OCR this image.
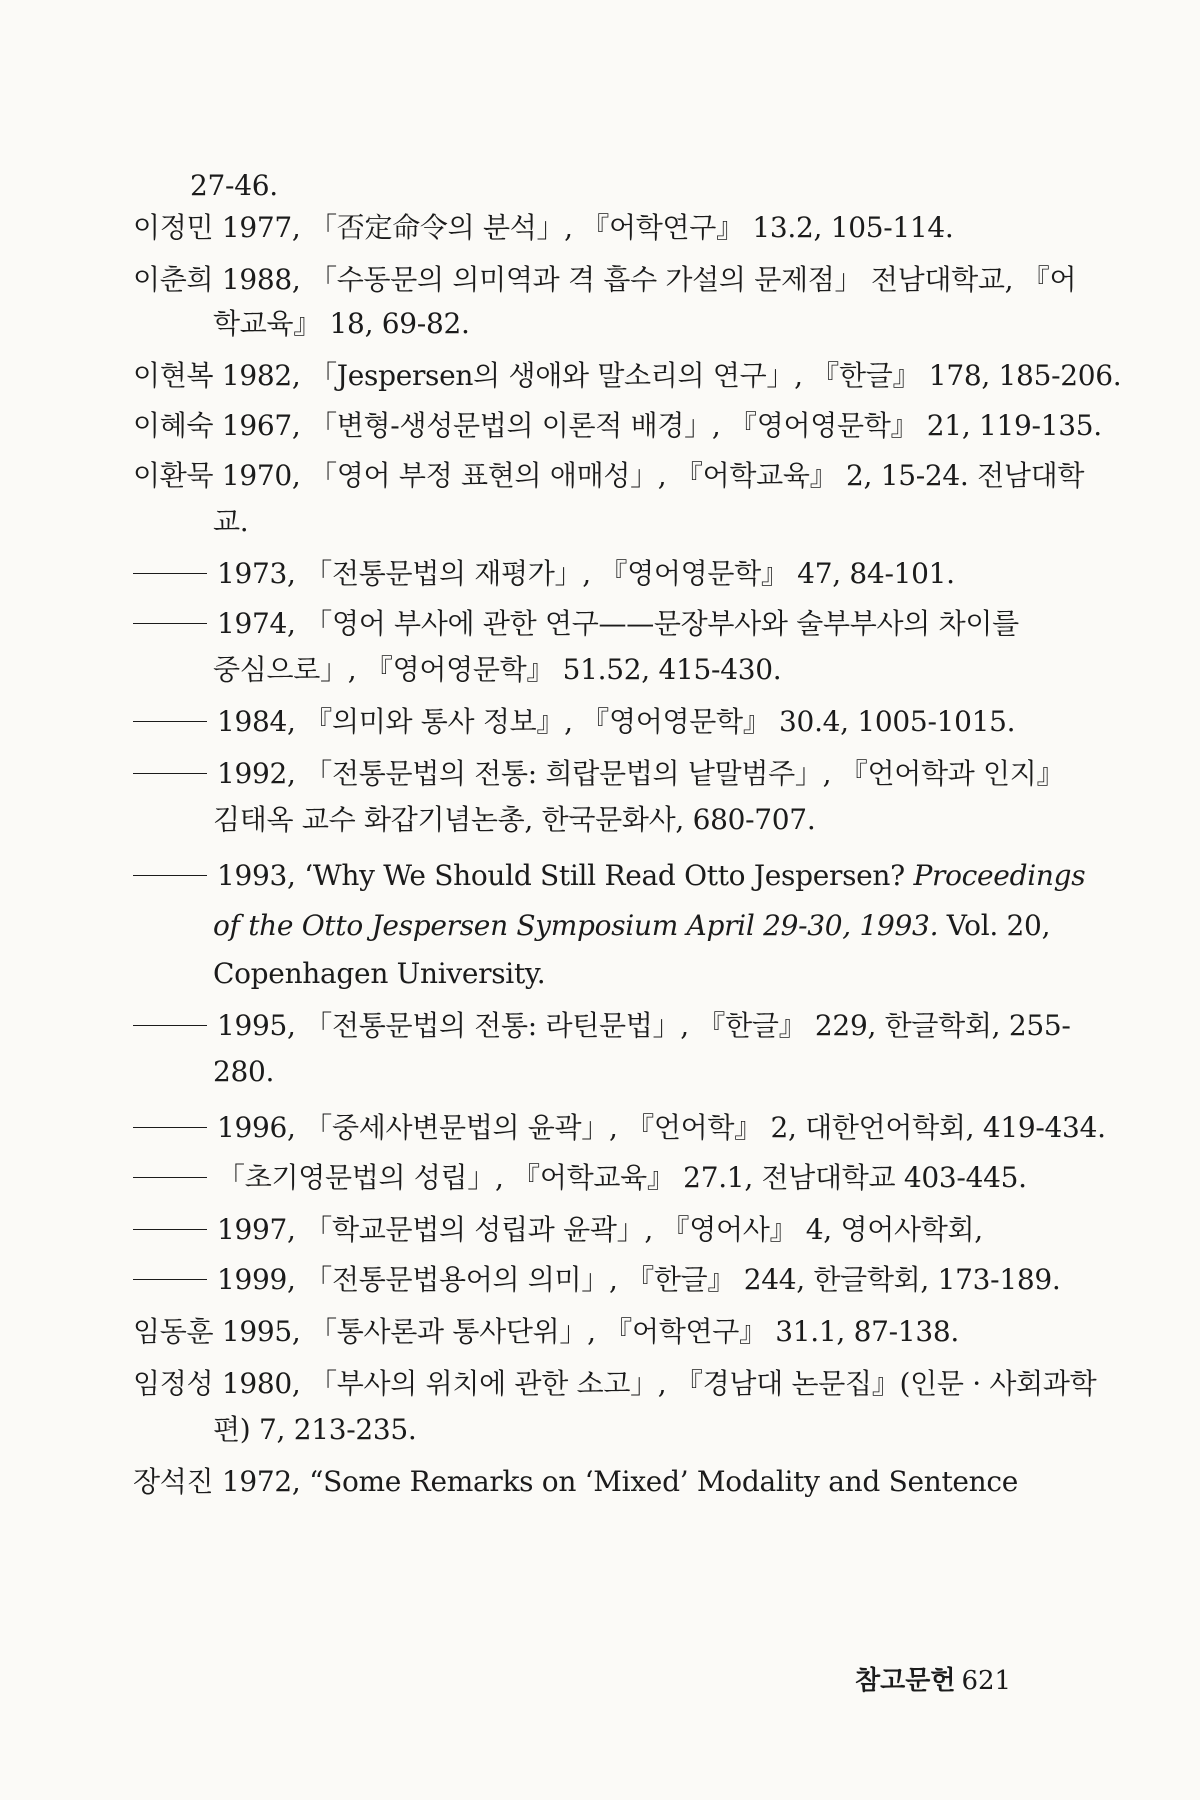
27-46.
이정민 1977, 「否定命令의 분석」, 『어학연구』 13.2, 105-114.
이춘희 1988, 「수동문의 의미역과 격 흡수 가설의 문제점」 전남대학교, 『어
학교육』 18, 69-82.
이현복 1982, 「Jespersen의 생애와 말소리의 연구」, 『한글』 178, 185-206.
이혜숙 1967, 「변형-생성문법의 이론적 배경」, 『영어영문학』 21, 119-135.
이환묵 1970, 「영어 부정 표현의 애매성」, 『어학교육』 2, 15-24. 전남대학
교.
1973, 「전통문법의 재평가」, 『영어영문학』 47, 84-101.
1974, 「영어 부사에 관한 연구——문장부사와 술부부사의 차이를
중심으로」, 『영어영문학』 51.52, 415-430.
1984, 『의미와 통사 정보』, 『영어영문학』 30.4, 1005-1015.
1992, 「전통문법의 전통: 희랍문법의 낱말범주」, 『언어학과 인지』
김태옥 교수 화갑기념논총, 한국문화사, 680-707.
1993, ‘Why We Should Still Read Otto Jespersen? Proceedings
of the Otto Jespersen Symposium April 29-30, 1993. Vol. 20,
Copenhagen University.
1995, 「전통문법의 전통: 라틴문법」, 『한글』 229, 한글학회, 255-
280.
1996, 「중세사변문법의 윤곽」, 『언어학』 2, 대한언어학회, 419-434.
「초기영문법의 성립」, 『어학교육』 27.1, 전남대학교 403-445.
1997, 「학교문법의 성립과 윤곽」, 『영어사』 4, 영어사학회,
1999, 「전통문법용어의 의미」, 『한글』 244, 한글학회, 173-189.
임동훈 1995, 「통사론과 통사단위」, 『어학연구』 31.1, 87-138.
임정성 1980, 「부사의 위치에 관한 소고」, 『경남대 논문집』(인문 · 사회과학
편) 7, 213-235.
장석진 1972, “Some Remarks on ‘Mixed’ Modality and Sentence
참고문헌 621
